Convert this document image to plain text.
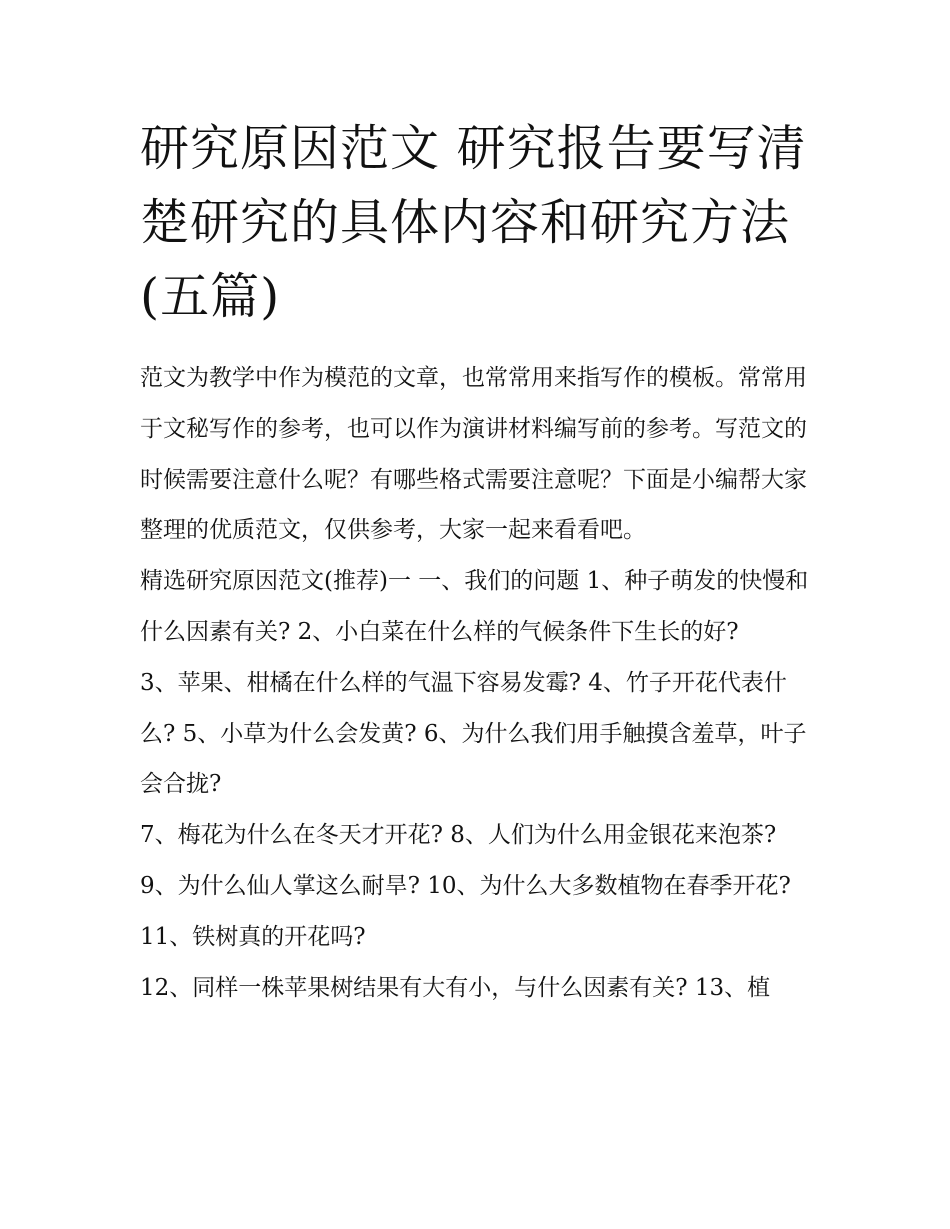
研究原因范文 研究报告要写清楚研究的具体内容和研究方法(五篇)

范文为教学中作为模范的文章，也常常用来指写作的模板。常常用于文秘写作的参考，也可以作为演讲材料编写前的参考。写范文的时候需要注意什么呢？有哪些格式需要注意呢？下面是小编帮大家整理的优质范文，仅供参考，大家一起来看看吧。

精选研究原因范文(推荐)一 一、我们的问题 1、种子萌发的快慢和什么因素有关? 2、小白菜在什么样的气候条件下生长的好?

3、苹果、柑橘在什么样的气温下容易发霉? 4、竹子开花代表什么? 5、小草为什么会发黄? 6、为什么我们用手触摸含羞草，叶子会合拢?

7、梅花为什么在冬天才开花? 8、人们为什么用金银花来泡茶? 9、为什么仙人掌这么耐旱? 10、为什么大多数植物在春季开花? 11、铁树真的开花吗?

12、同样一株苹果树结果有大有小，与什么因素有关? 13、植
